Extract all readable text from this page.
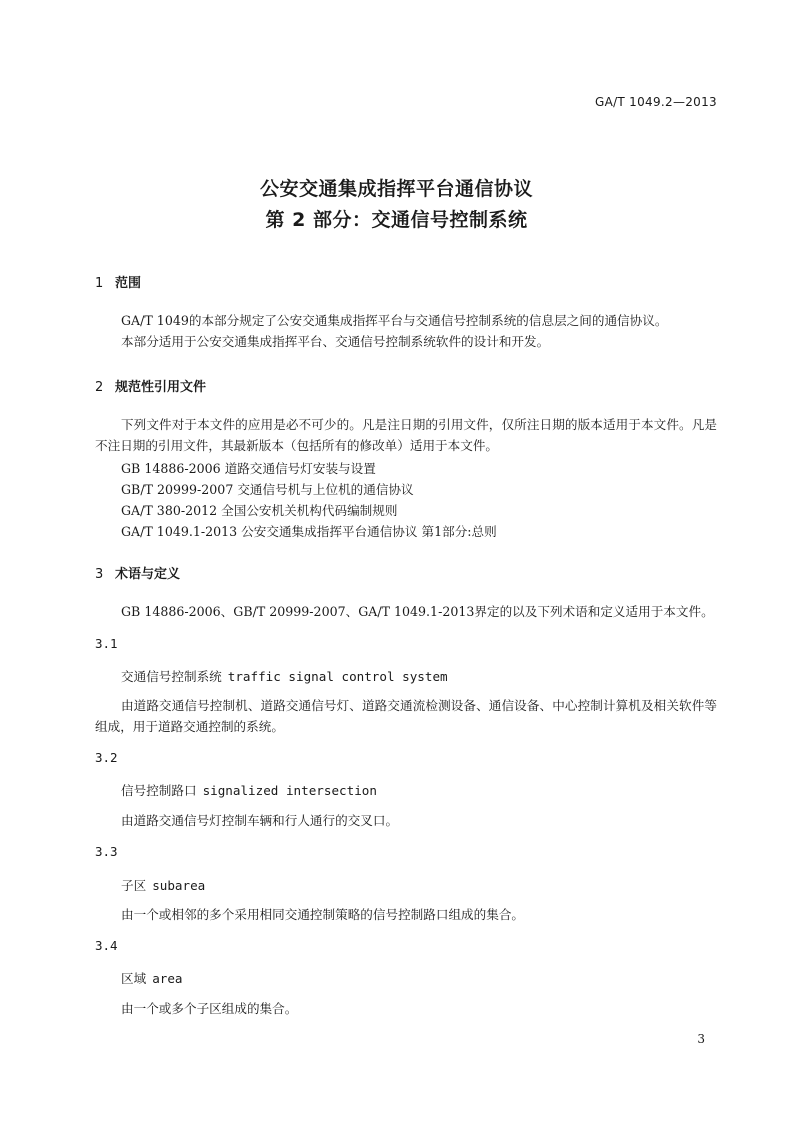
GA/T 1049.2—2013
公安交通集成指挥平台通信协议
第 2 部分：交通信号控制系统
1 范围

GA/T 1049的本部分规定了公安交通集成指挥平台与交通信号控制系统的信息层之间的通信协议。

本部分适用于公安交通集成指挥平台、交通信号控制系统软件的设计和开发。

2 规范性引用文件

下列文件对于本文件的应用是必不可少的。凡是注日期的引用文件，仅所注日期的版本适用于本文件。凡是不注日期的引用文件，其最新版本（包括所有的修改单）适用于本文件。

GB 14886-2006 道路交通信号灯安装与设置
GB/T 20999-2007 交通信号机与上位机的通信协议
GA/T 380-2012 全国公安机关机构代码编制规则
GA/T 1049.1-2013 公安交通集成指挥平台通信协议 第1部分:总则
3 术语与定义

GB 14886-2006、GB/T 20999-2007、GA/T 1049.1-2013界定的以及下列术语和定义适用于本文件。

3.1
交通信号控制系统 traffic signal control system

由道路交通信号控制机、道路交通信号灯、道路交通流检测设备、通信设备、中心控制计算机及相关软件等组成，用于道路交通控制的系统。

3.2
信号控制路口 signalized intersection

由道路交通信号灯控制车辆和行人通行的交叉口。

3.3
子区 subarea

由一个或相邻的多个采用相同交通控制策略的信号控制路口组成的集合。

3.4
区域 area

由一个或多个子区组成的集合。

3
